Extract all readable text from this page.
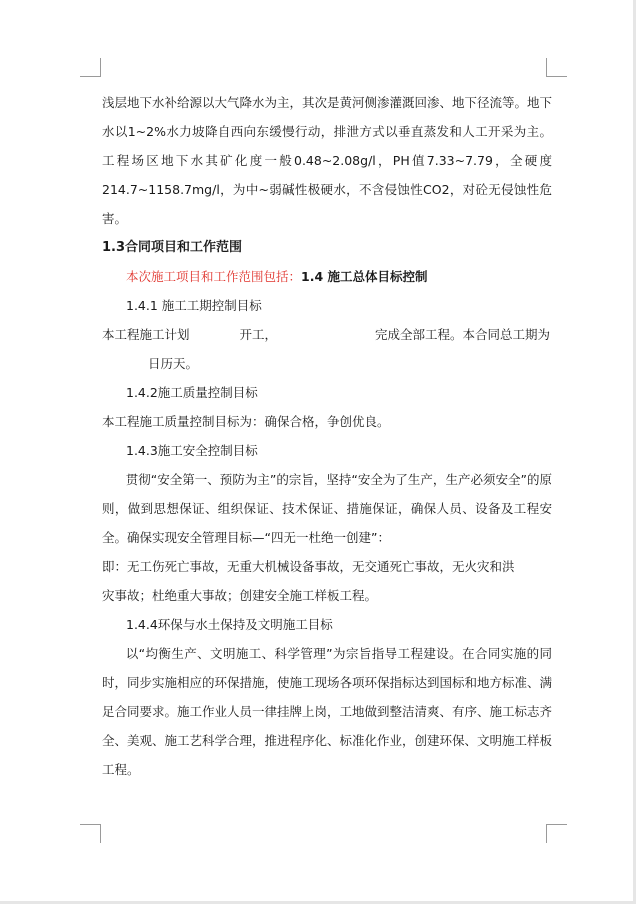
浅层地下水补给源以大气降水为主，其次是黄河侧渗灌溉回渗、地下径流等。地下水以1~2%水力坡降自西向东缓慢行动，排泄方式以垂直蒸发和人工开采为主。工程场区地下水其矿化度一般0.48~2.08g/l，PH值7.33~7.79，全硬度214.7~1158.7mg/l，为中~弱碱性极硬水，不含侵蚀性CO2，对砼无侵蚀性危害。

1.3合同项目和工作范围

本次施工项目和工作范围包括：1.4 施工总体目标控制

1.4.1 施工工期控制目标

本工程施工计划	开工，	完成全部工程。本合同总工期为

日历天。

1.4.2施工质量控制目标

本工程施工质量控制目标为：确保合格，争创优良。

1.4.3施工安全控制目标

贯彻“安全第一、预防为主”的宗旨，坚持“安全为了生产，生产必须安全”的原则，做到思想保证、组织保证、技术保证、措施保证，确保人员、设备及工程安全。确保实现安全管理目标—“四无一杜绝一创建”：

即：无工伤死亡事故，无重大机械设备事故，无交通死亡事故，无火灾和洪

灾事故；杜绝重大事故；创建安全施工样板工程。

1.4.4环保与水土保持及文明施工目标

以“均衡生产、文明施工、科学管理”为宗旨指导工程建设。在合同实施的同时，同步实施相应的环保措施，使施工现场各项环保指标达到国标和地方标准、满足合同要求。施工作业人员一律挂牌上岗，工地做到整洁清爽、有序、施工标志齐全、美观、施工艺科学合理，推进程序化、标准化作业，创建环保、文明施工样板工程。
